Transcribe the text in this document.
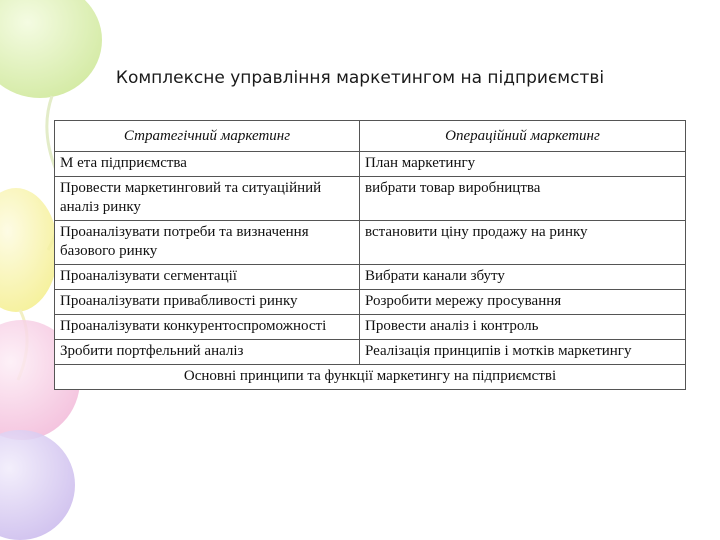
Комплексне управління маркетингом на підприємстві
Стратегічний маркетинг	Операційний маркетинг
М ета підприємства	План маркетингу
Провести маркетинговий та ситуаційний аналіз ринку	вибрати товар виробництва
Проаналізувати потреби та визначення базового ринку	встановити ціну продажу на ринку
Проаналізувати сегментації	Вибрати канали збуту
Проаналізувати привабливості ринку	Розробити мережу просування
Проаналізувати конкурентоспроможності	Провести аналіз і контроль
Зробити портфельний аналіз	Реалізація принципів і мотків маркетингу
Основні принципи та функції маркетингу на підприємстві	
